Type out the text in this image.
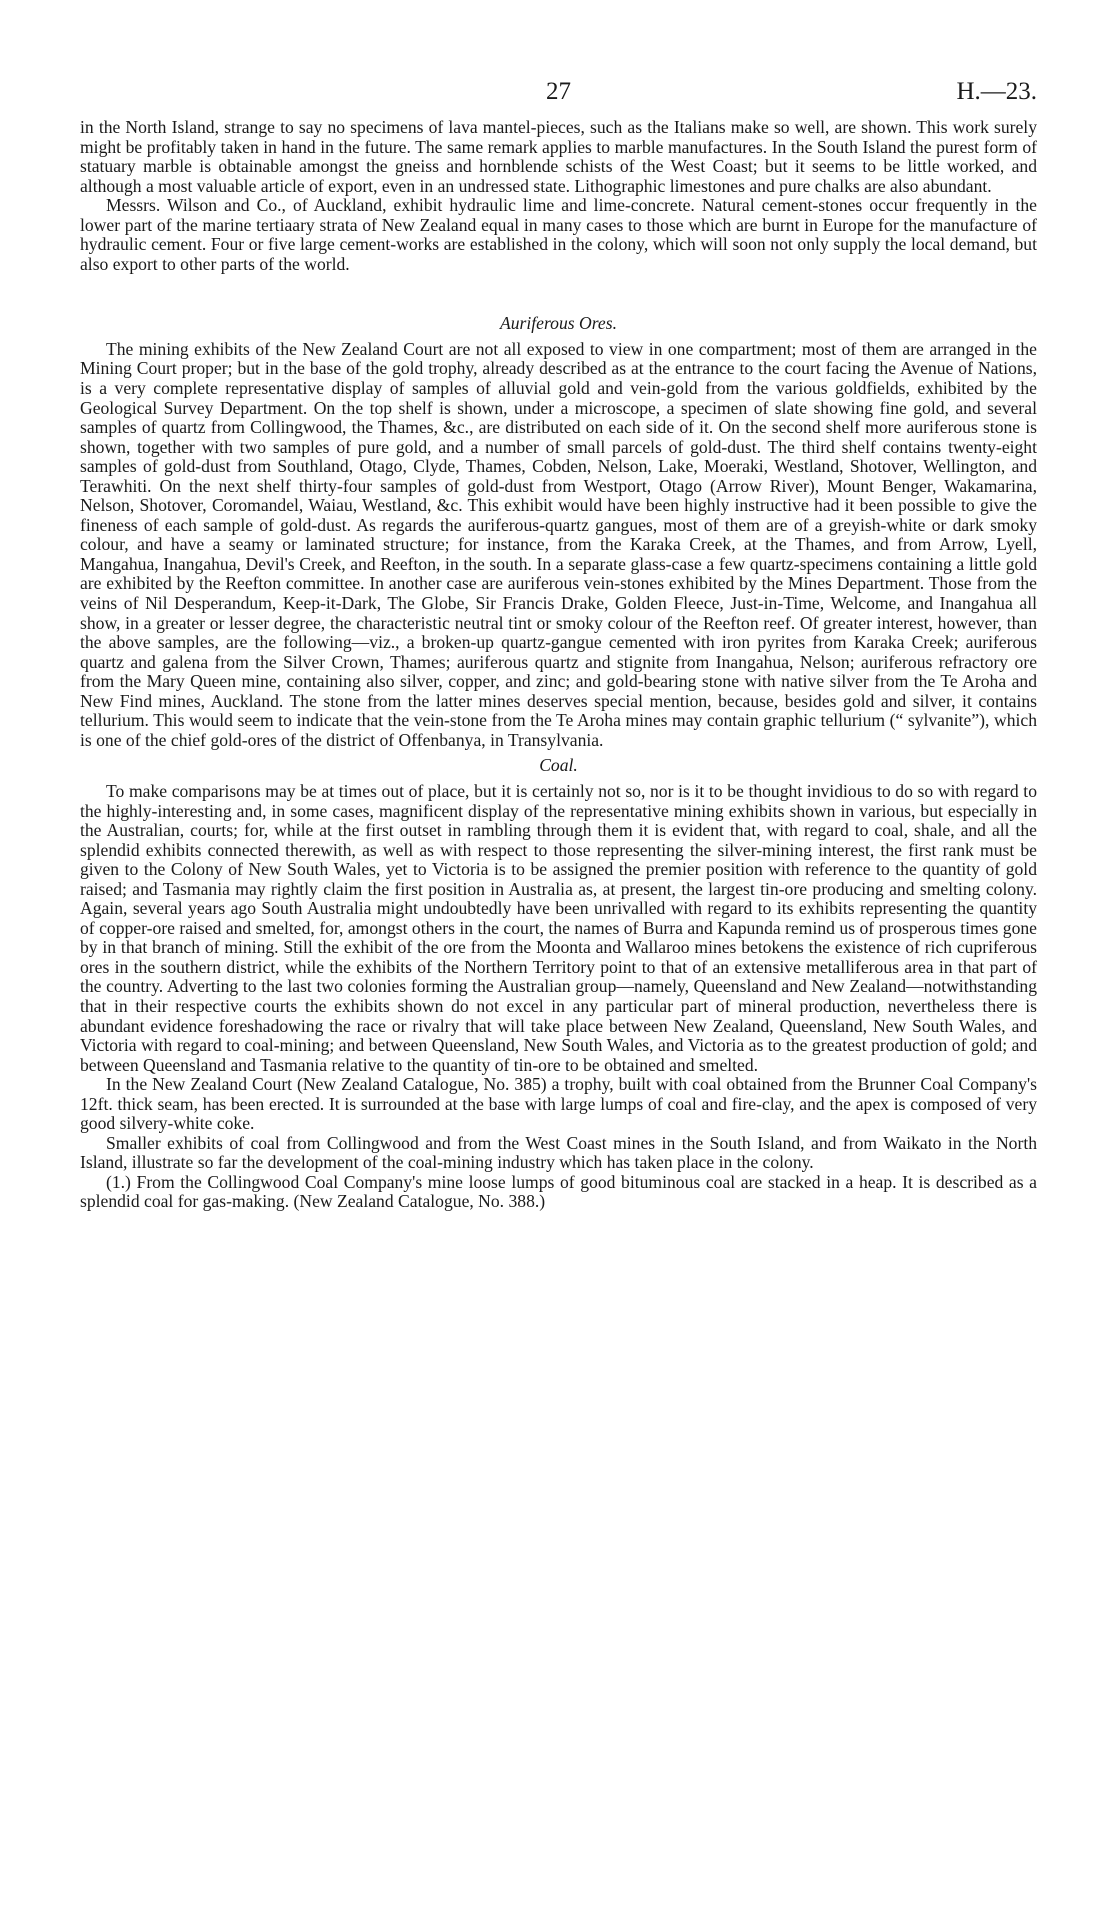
27	H.—23.

in the North Island, strange to say no specimens of lava mantel-pieces, such as the Italians make so well, are shown. This work surely might be profitably taken in hand in the future. The same remark applies to marble manufactures. In the South Island the purest form of statuary marble is obtainable amongst the gneiss and hornblende schists of the West Coast; but it seems to be little worked, and although a most valuable article of export, even in an undressed state. Lithographic limestones and pure chalks are also abundant.

Messrs. Wilson and Co., of Auckland, exhibit hydraulic lime and lime-concrete. Natural cement-stones occur frequently in the lower part of the marine tertiaary strata of New Zealand equal in many cases to those which are burnt in Europe for the manufacture of hydraulic cement. Four or five large cement-works are established in the colony, which will soon not only supply the local demand, but also export to other parts of the world.

Auriferous Ores.

The mining exhibits of the New Zealand Court are not all exposed to view in one compartment; most of them are arranged in the Mining Court proper; but in the base of the gold trophy, already described as at the entrance to the court facing the Avenue of Nations, is a very complete representative display of samples of alluvial gold and vein-gold from the various goldfields, exhibited by the Geological Survey Department. On the top shelf is shown, under a microscope, a specimen of slate showing fine gold, and several samples of quartz from Collingwood, the Thames, &c., are distributed on each side of it. On the second shelf more auriferous stone is shown, together with two samples of pure gold, and a number of small parcels of gold-dust. The third shelf contains twenty-eight samples of gold-dust from Southland, Otago, Clyde, Thames, Cobden, Nelson, Lake, Moeraki, Westland, Shotover, Wellington, and Terawhiti. On the next shelf thirty-four samples of gold-dust from Westport, Otago (Arrow River), Mount Benger, Wakamarina, Nelson, Shotover, Coromandel, Waiau, Westland, &c. This exhibit would have been highly instructive had it been possible to give the fineness of each sample of gold-dust. As regards the auriferous-quartz gangues, most of them are of a greyish-white or dark smoky colour, and have a seamy or laminated structure; for instance, from the Karaka Creek, at the Thames, and from Arrow, Lyell, Mangahua, Inangahua, Devil's Creek, and Reefton, in the south. In a separate glass-case a few quartz-specimens containing a little gold are exhibited by the Reefton committee. In another case are auriferous vein-stones exhibited by the Mines Department. Those from the veins of Nil Desperandum, Keep-it-Dark, The Globe, Sir Francis Drake, Golden Fleece, Just-in-Time, Welcome, and Inangahua all show, in a greater or lesser degree, the characteristic neutral tint or smoky colour of the Reefton reef. Of greater interest, however, than the above samples, are the following—viz., a broken-up quartz-gangue cemented with iron pyrites from Karaka Creek; auriferous quartz and galena from the Silver Crown, Thames; auriferous quartz and stignite from Inangahua, Nelson; auriferous refractory ore from the Mary Queen mine, containing also silver, copper, and zinc; and gold-bearing stone with native silver from the Te Aroha and New Find mines, Auckland. The stone from the latter mines deserves special mention, because, besides gold and silver, it contains tellurium. This would seem to indicate that the vein-stone from the Te Aroha mines may contain graphic tellurium (“ sylvanite”), which is one of the chief gold-ores of the district of Offenbanya, in Transylvania.

Coal.

To make comparisons may be at times out of place, but it is certainly not so, nor is it to be thought invidious to do so with regard to the highly-interesting and, in some cases, magnificent display of the representative mining exhibits shown in various, but especially in the Australian, courts; for, while at the first outset in rambling through them it is evident that, with regard to coal, shale, and all the splendid exhibits connected therewith, as well as with respect to those representing the silver-mining interest, the first rank must be given to the Colony of New South Wales, yet to Victoria is to be assigned the premier position with reference to the quantity of gold raised; and Tasmania may rightly claim the first position in Australia as, at present, the largest tin-ore producing and smelting colony. Again, several years ago South Australia might undoubtedly have been unrivalled with regard to its exhibits representing the quantity of copper-ore raised and smelted, for, amongst others in the court, the names of Burra and Kapunda remind us of prosperous times gone by in that branch of mining. Still the exhibit of the ore from the Moonta and Wallaroo mines betokens the existence of rich cupriferous ores in the southern district, while the exhibits of the Northern Territory point to that of an extensive metalliferous area in that part of the country. Adverting to the last two colonies forming the Australian group—namely, Queensland and New Zealand—notwithstanding that in their respective courts the exhibits shown do not excel in any particular part of mineral production, nevertheless there is abundant evidence foreshadowing the race or rivalry that will take place between New Zealand, Queensland, New South Wales, and Victoria with regard to coal-mining; and between Queensland, New South Wales, and Victoria as to the greatest production of gold; and between Queensland and Tasmania relative to the quantity of tin-ore to be obtained and smelted.

In the New Zealand Court (New Zealand Catalogue, No. 385) a trophy, built with coal obtained from the Brunner Coal Company's 12ft. thick seam, has been erected. It is surrounded at the base with large lumps of coal and fire-clay, and the apex is composed of very good silvery-white coke.

Smaller exhibits of coal from Collingwood and from the West Coast mines in the South Island, and from Waikato in the North Island, illustrate so far the development of the coal-mining industry which has taken place in the colony.

(1.) From the Collingwood Coal Company's mine loose lumps of good bituminous coal are stacked in a heap. It is described as a splendid coal for gas-making. (New Zealand Catalogue, No. 388.)
